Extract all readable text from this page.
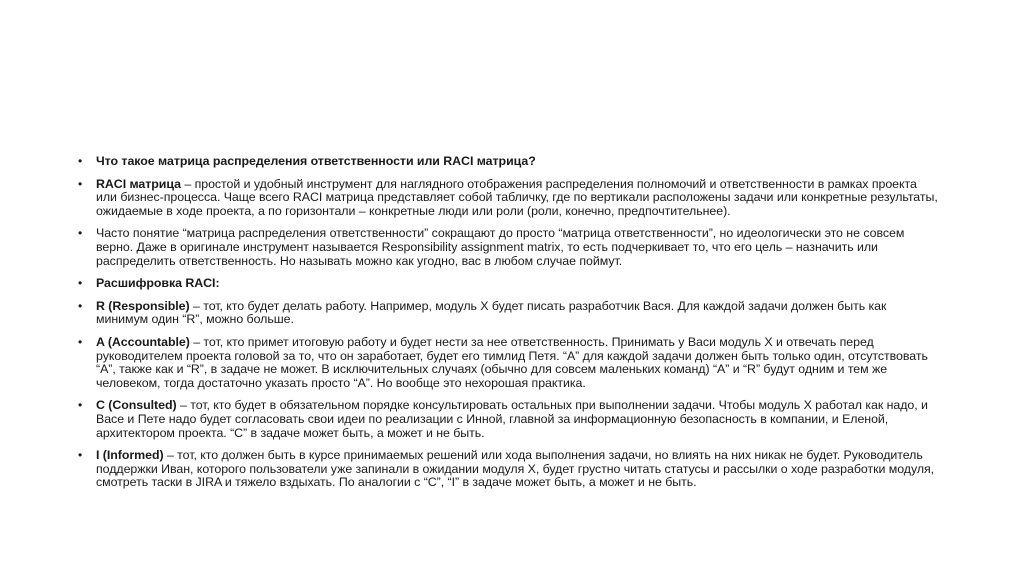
• Что такое матрица распределения ответственности или RACI матрица?
• RACI матрица – простой и удобный инструмент для наглядного отображения распределения полномочий и ответственности в рамках проекта или бизнес-процесса. Чаще всего RACI матрица представляет собой табличку, где по вертикали расположены задачи или конкретные результаты, ожидаемые в ходе проекта, а по горизонтали – конкретные люди или роли (роли, конечно, предпочтительнее).
• Часто понятие “матрица распределения ответственности” сокращают до просто “матрица ответственности”, но идеологически это не совсем верно. Даже в оригинале инструмент называется Responsibility assignment matrix, то есть подчеркивает то, что его цель – назначить или распределить ответственность. Но называть можно как угодно, вас в любом случае поймут.
• Расшифровка RACI:
• R (Responsible) – тот, кто будет делать работу. Например, модуль X будет писать разработчик Вася. Для каждой задачи должен быть как минимум один “R”, можно больше.
• A (Accountable) – тот, кто примет итоговую работу и будет нести за нее ответственность. Принимать у Васи модуль X и отвечать перед руководителем проекта головой за то, что он заработает, будет его тимлид Петя. “A” для каждой задачи должен быть только один, отсутствовать “A”, также как и “R”, в задаче не может. В исключительных случаях (обычно для совсем маленьких команд) “A” и “R” будут одним и тем же человеком, тогда достаточно указать просто “A”. Но вообще это нехорошая практика.
• C (Consulted) – тот, кто будет в обязательном порядке консультировать остальных при выполнении задачи. Чтобы модуль X работал как надо, и Васе и Пете надо будет согласовать свои идеи по реализации с Инной, главной за информационную безопасность в компании, и Еленой, архитектором проекта. “C” в задаче может быть, а может и не быть.
• I (Informed) – тот, кто должен быть в курсе принимаемых решений или хода выполнения задачи, но влиять на них никак не будет. Руководитель поддержки Иван, которого пользователи уже запинали в ожидании модуля X, будет грустно читать статусы и рассылки о ходе разработки модуля, смотреть таски в JIRA и тяжело вздыхать. По аналогии с “C”, “I” в задаче может быть, а может и не быть.
